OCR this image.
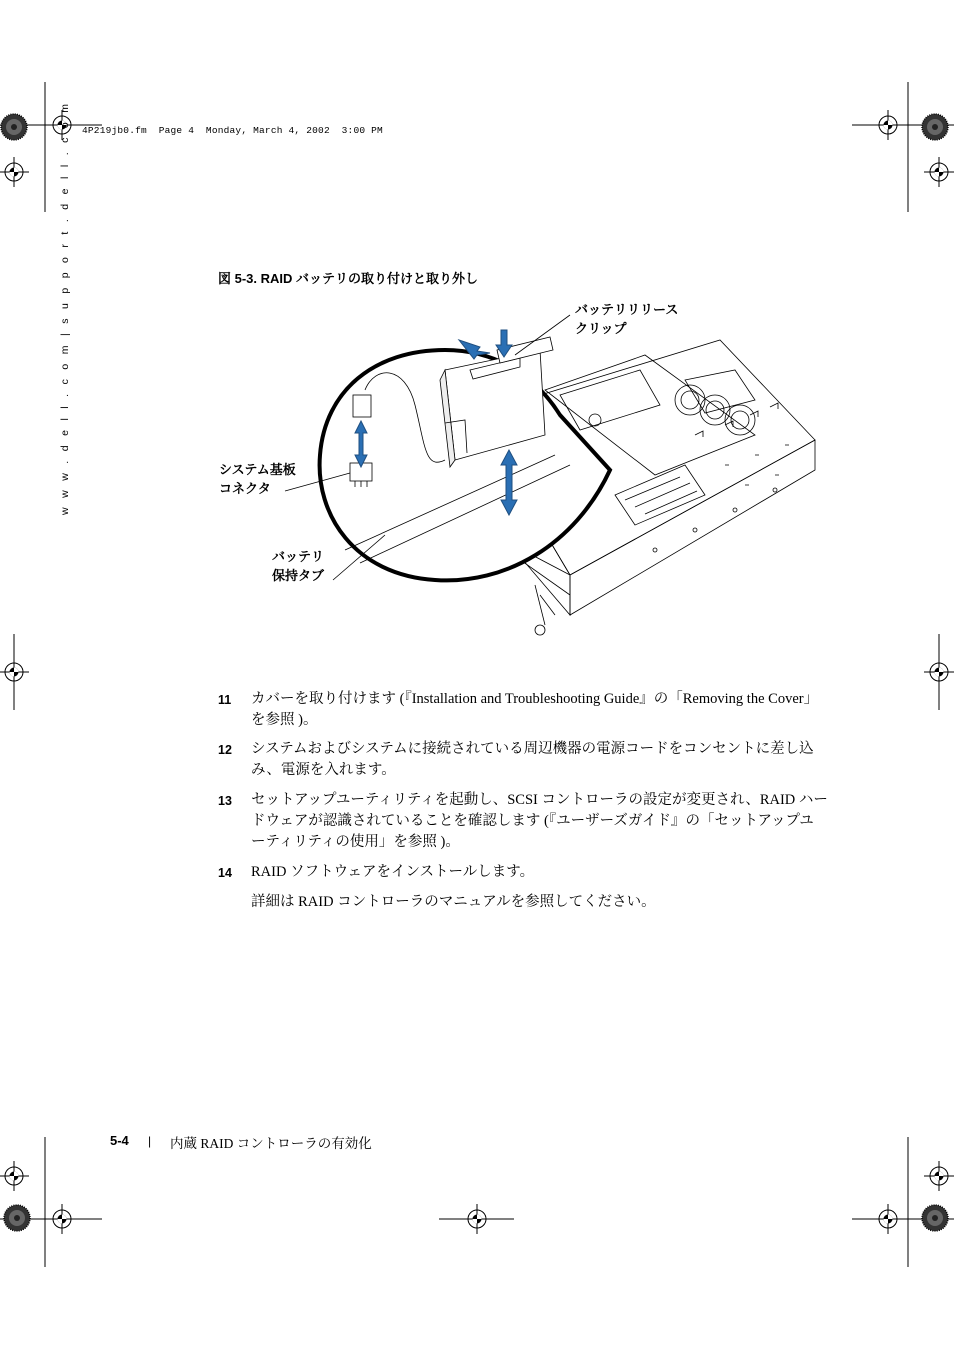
4P219jb0.fm  Page 4  Monday, March 4, 2002  3:00 PM
w w w . d e l l . c o m | s u p p o r t . d e l l . c o m	図 5-3. RAID バッテリの取り付けと取り外し
バッテリリリース
クリップ
システム基板
コネクタ
バッテリ
保持タブ
11 カバーを取り付けます (『Installation and Troubleshooting Guide』の「Removing the Cover」を参照 )。
12 システムおよびシステムに接続されている周辺機器の電源コードをコンセントに差し込み、電源を入れます。
13 セットアップユーティリティを起動し、SCSI コントローラの設定が変更され、RAID ハードウェアが認識されていることを確認します (『ユーザーズガイド』の「セットアップユーティリティの使用」を参照 )。
14 RAID ソフトウェアをインストールします。
詳細は RAID コントローラのマニュアルを参照してください。
5-4 | 内蔵 RAID コントローラの有効化
